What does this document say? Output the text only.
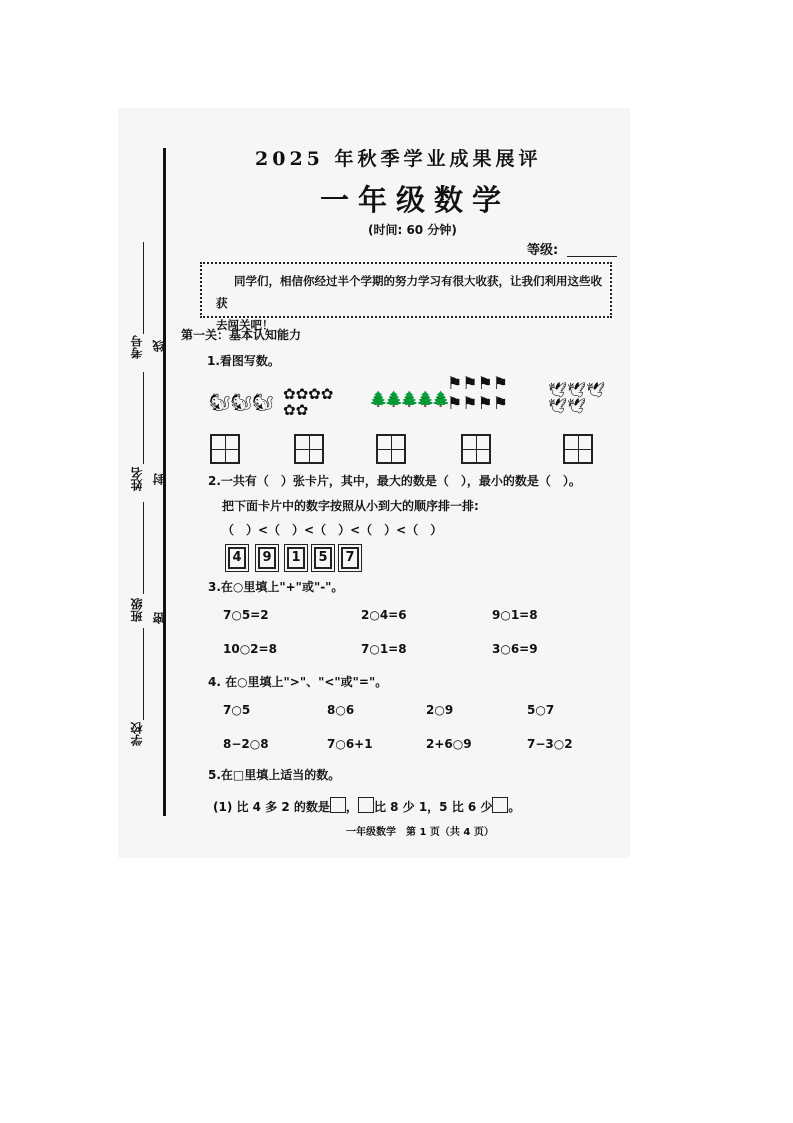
考号
姓名
班级
学校
线
封
密
2025 年秋季学业成果展评
一年级数学
(时间: 60 分钟)
等级:
同学们，相信你经过半个学期的努力学习有很大收获，让我们利用这些收获
去闯关吧！
第一关：基本认知能力
1.看图写数。
🐿🐿🐿 ✿✿✿✿✿✿
🌲🌲🌲🌲🌲
⚑⚑⚑⚑⚑⚑⚑⚑
🕊🕊🕊🕊🕊
2.一共有（　）张卡片，其中，最大的数是（　），最小的数是（　）。
把下面卡片中的数字按照从小到大的顺序排一排:
（　）<（　）<（　）<（　）<（　）
4	9	1	5	7
3.在○里填上"+"或"-"。
7○5=2	2○4=6	9○1=8
10○2=8	7○1=8	3○6=9
4. 在○里填上">"、"<"或"="。
7○5	8○6	2○9	5○7
8−2○8	7○6+1	2+6○9	7−3○2
5.在□里填上适当的数。
(1) 比 4 多 2 的数是 ， 比 8 少 1，5 比 6 少 。
一年级数学　第 1 页（共 4 页）
